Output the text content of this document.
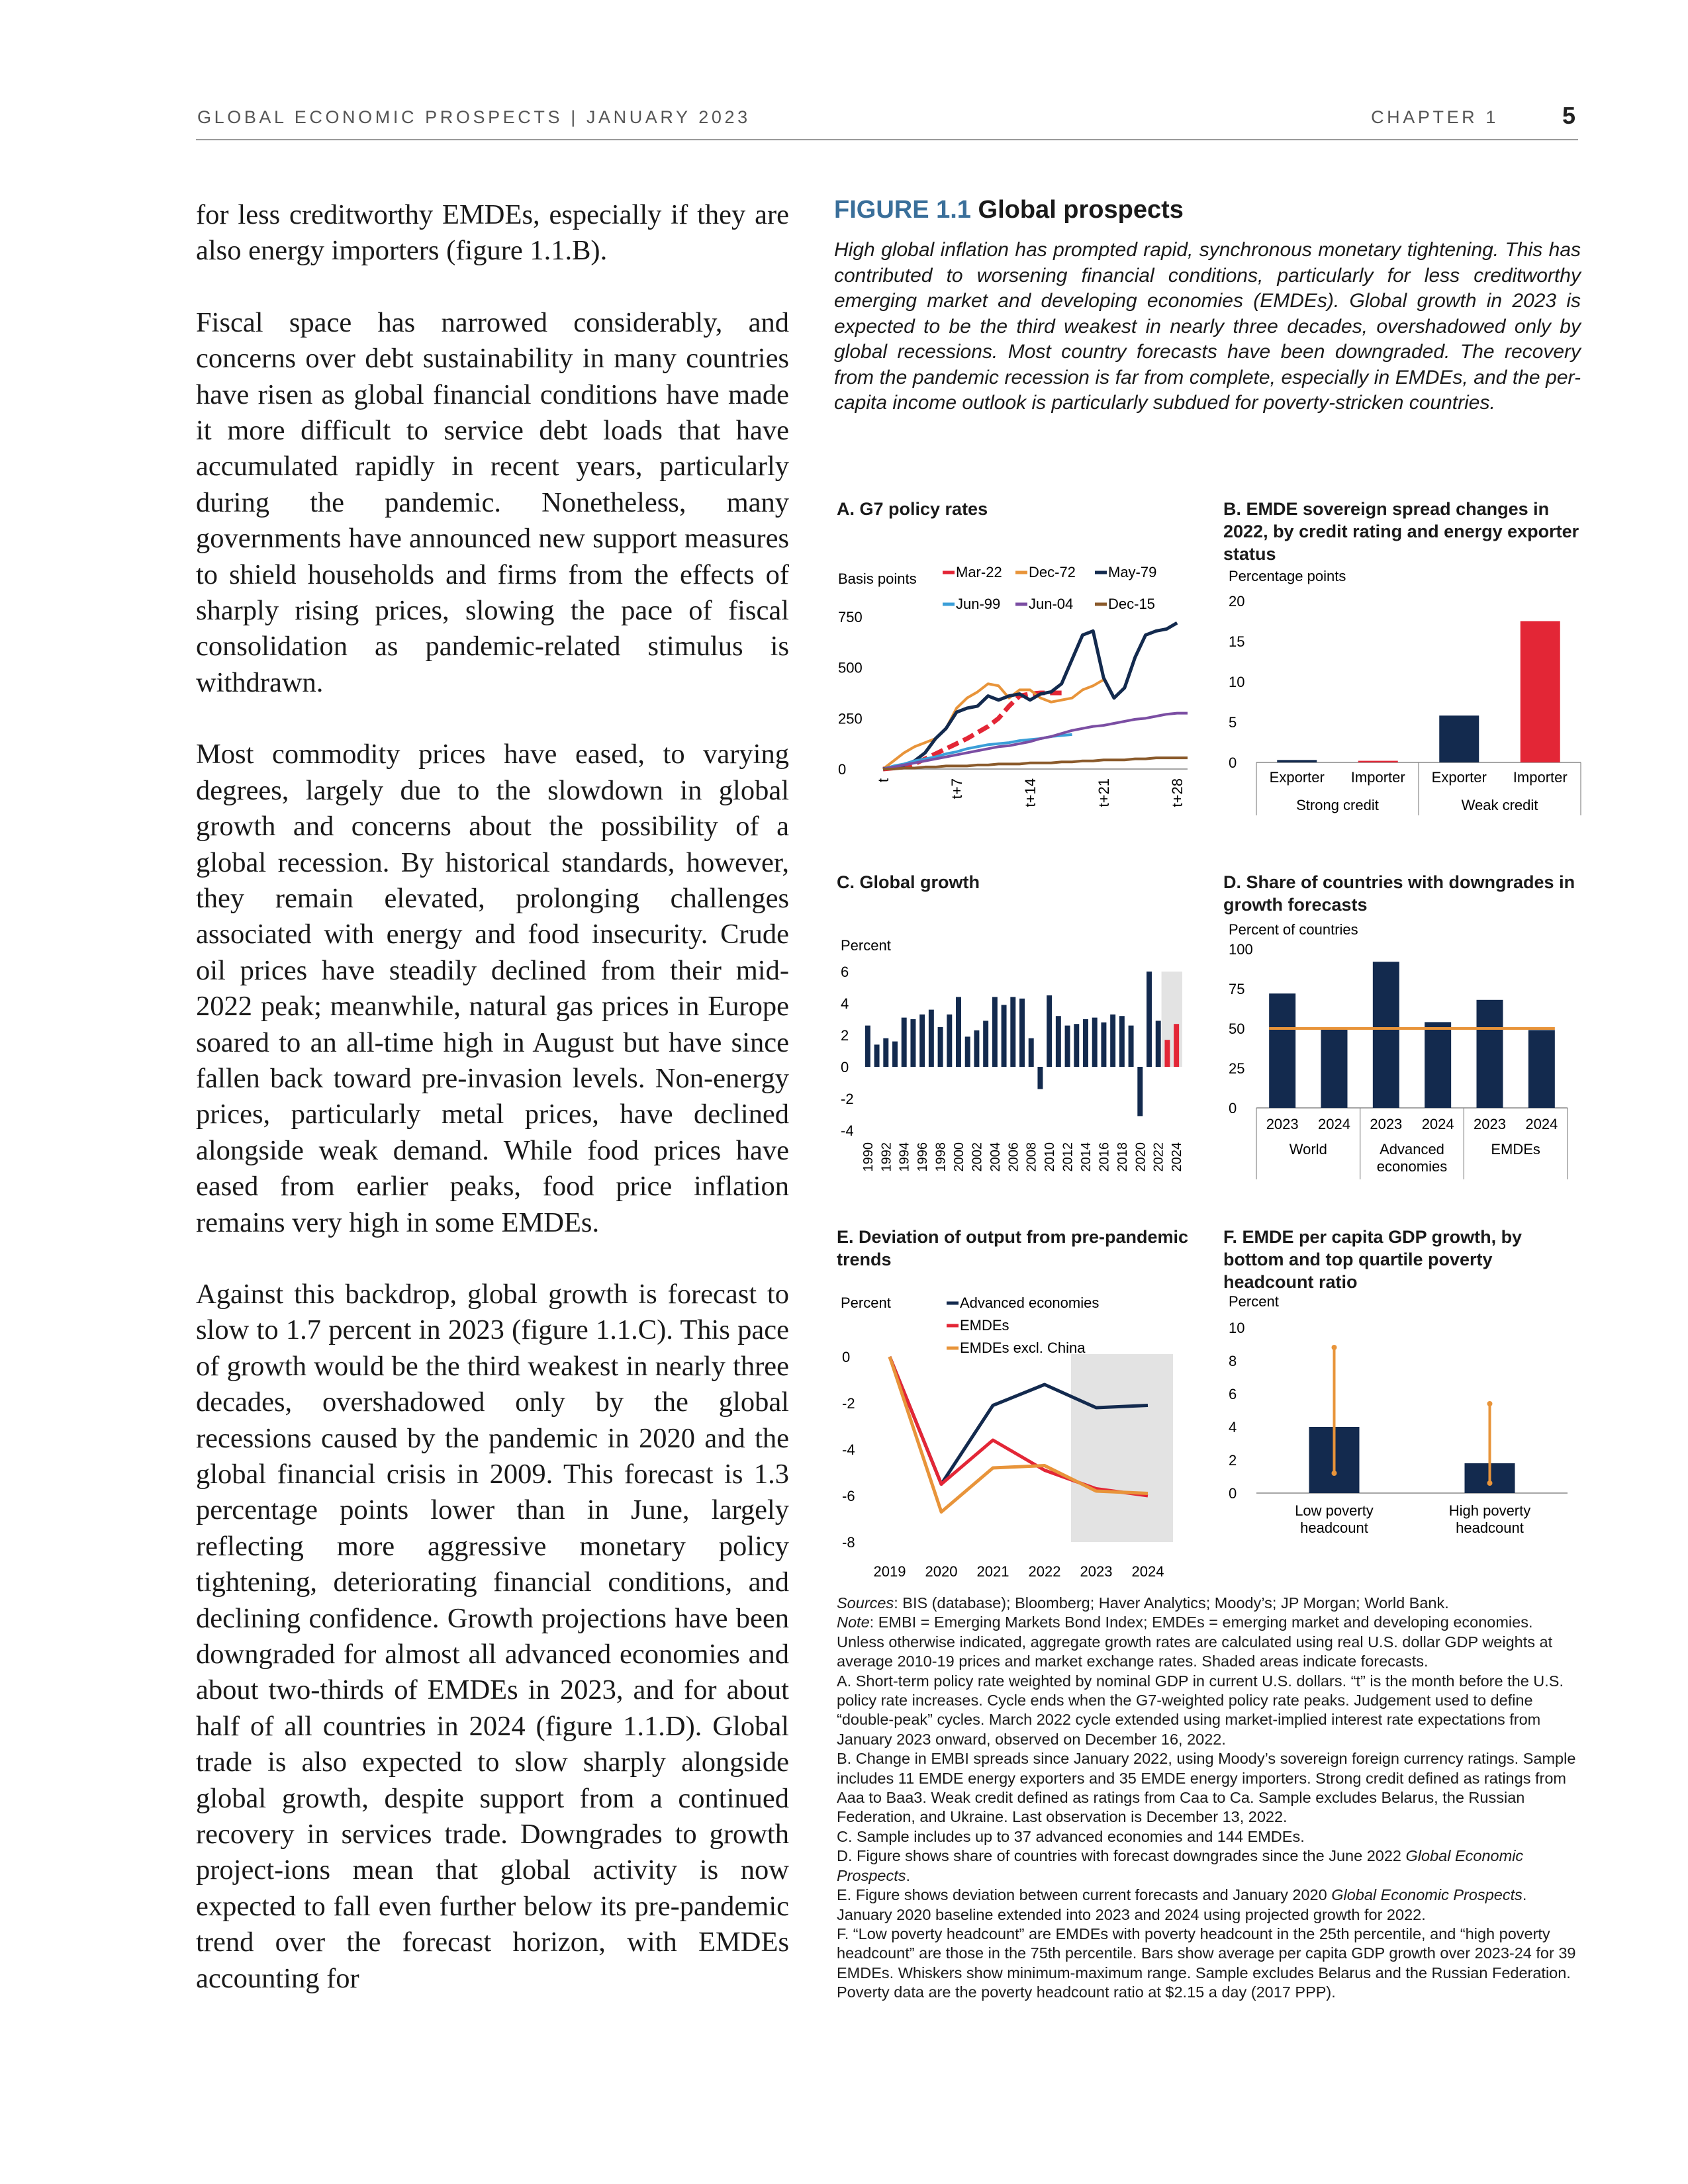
GLOBAL ECONOMIC PROSPECTS | JANUARY 2023	CHAPTER 1	5

for less creditworthy EMDEs, especially if they are also energy importers (figure 1.1.B).

Fiscal space has narrowed considerably, and concerns over debt sustainability in many countries have risen as global financial conditions have made it more difficult to service debt loads that have accumulated rapidly in recent years, particularly during the pandemic. Nonetheless, many governments have announced new support measures to shield households and firms from the effects of sharply rising prices, slowing the pace of fiscal consolidation as pandemic-related stimulus is withdrawn.

Most commodity prices have eased, to varying degrees, largely due to the slowdown in global growth and concerns about the possibility of a global recession. By historical standards, however, they remain elevated, prolonging challenges associated with energy and food insecurity. Crude oil prices have steadily declined from their mid-2022 peak; meanwhile, natural gas prices in Europe soared to an all-time high in August but have since fallen back toward pre-invasion levels. Non-energy prices, particularly metal prices, have declined alongside weak demand. While food prices have eased from earlier peaks, food price inflation remains very high in some EMDEs.

Against this backdrop, global growth is forecast to slow to 1.7 percent in 2023 (figure 1.1.C). This pace of growth would be the third weakest in nearly three decades, overshadowed only by the global recessions caused by the pandemic in 2020 and the global financial crisis in 2009. This forecast is 1.3 percentage points lower than in June, largely reflecting more aggressive monetary policy tightening, deteriorating financial conditions, and declining confidence. Growth projections have been downgraded for almost all advanced economies and about two-thirds of EMDEs in 2023, and for about half of all countries in 2024 (figure 1.1.D). Global trade is also expected to slow sharply alongside global growth, despite support from a continued recovery in services trade. Downgrades to growth project-ions mean that global activity is now expected to fall even further below its pre-pandemic trend over the forecast horizon, with EMDEs accounting for

FIGURE 1.1 Global prospects
High global inflation has prompted rapid, synchronous monetary tightening. This has contributed to worsening financial conditions, particularly for less creditworthy emerging market and developing economies (EMDEs). Global growth in 2023 is expected to be the third weakest in nearly three decades, overshadowed only by global recessions. Most country forecasts have been downgraded. The recovery from the pandemic recession is far from complete, especially in EMDEs, and the per-capita income outlook is particularly subdued for poverty-stricken countries.
A. G7 policy rates
Basis points
750
500
250
0
t	t+7	t+14	t+21	t+28
Mar-22 Dec-72 May-79
Jun-99 Jun-04 Dec-15
B. EMDE sovereign spread changes in 2022, by credit rating and energy exporter status
Percentage points
20
15
10
5
0
Exporter Importer Exporter Importer
Strong credit	Weak credit
C. Global growth
Percent
6
4
2
0
-2
-4
1990 1992 1994 1996 1998 2000 2002 2004 2006 2008 2010 2012 2014 2016 2018 2020 2022 2024
D. Share of countries with downgrades in growth forecasts
Percent of countries
100
75
50
25
0
2023 2024 2023 2024 2023 2024
World	Advanced
economies
EMDEs
E. Deviation of output from pre-pandemic trends
Percent
0
-2
-4
-6
-8
2019 2020 2021 2022 2023 2024
Advanced economies
EMDEs
EMDEs excl. China
F. EMDE per capita GDP growth, by bottom and top quartile poverty headcount ratio
Percent
10
8
6
4
2
0
Low poverty
headcount
High poverty
headcount

Sources: BIS (database); Bloomberg; Haver Analytics; Moody’s; JP Morgan; World Bank.

Note: EMBI = Emerging Markets Bond Index; EMDEs = emerging market and developing economies. Unless otherwise indicated, aggregate growth rates are calculated using real U.S. dollar GDP weights at average 2010-19 prices and market exchange rates. Shaded areas indicate forecasts.

A. Short-term policy rate weighted by nominal GDP in current U.S. dollars. “t” is the month before the U.S. policy rate increases. Cycle ends when the G7-weighted policy rate peaks. Judgement used to define “double-peak” cycles. March 2022 cycle extended using market-implied interest rate expectations from January 2023 onward, observed on December 16, 2022.

B. Change in EMBI spreads since January 2022, using Moody’s sovereign foreign currency ratings. Sample includes 11 EMDE energy exporters and 35 EMDE energy importers. Strong credit defined as ratings from Aaa to Baa3. Weak credit defined as ratings from Caa to Ca. Sample excludes Belarus, the Russian Federation, and Ukraine. Last observation is December 13, 2022.

C. Sample includes up to 37 advanced economies and 144 EMDEs.

D. Figure shows share of countries with forecast downgrades since the June 2022 Global Economic Prospects.

E. Figure shows deviation between current forecasts and January 2020 Global Economic Prospects. January 2020 baseline extended into 2023 and 2024 using projected growth for 2022.

F. “Low poverty headcount” are EMDEs with poverty headcount in the 25th percentile, and “high poverty headcount” are those in the 75th percentile. Bars show average per capita GDP growth over 2023-24 for 39 EMDEs. Whiskers show minimum-maximum range. Sample excludes Belarus and the Russian Federation. Poverty data are the poverty headcount ratio at $2.15 a day (2017 PPP).
